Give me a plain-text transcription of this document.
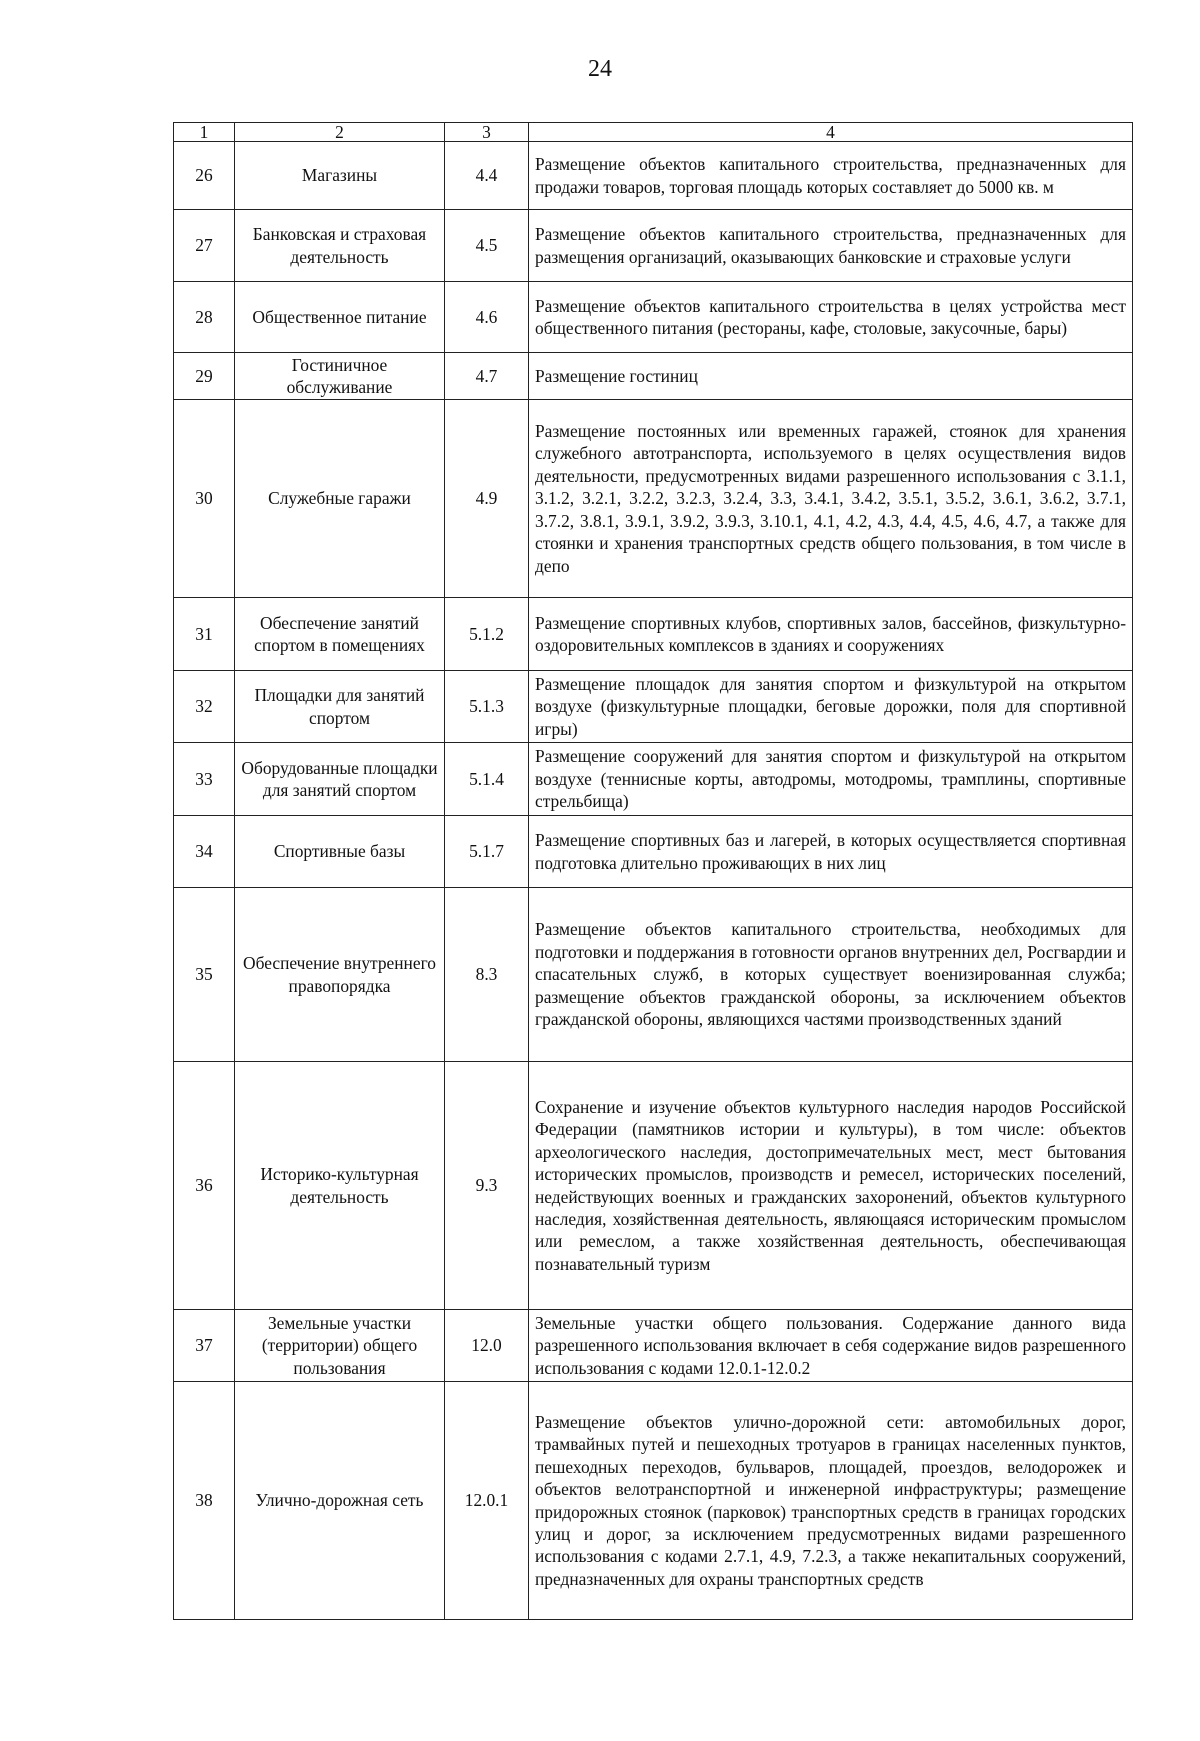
24
1	2	3	4
26	Магазины	4.4	Размещение объектов капитального строительства, предназначенных для продажи товаров, торговая площадь которых составляет до 5000 кв. м
27	Банковская и страховая деятельность	4.5	Размещение объектов капитального строительства, предназначенных для размещения организаций, оказывающих банковские и страховые услуги
28	Общественное питание	4.6	Размещение объектов капитального строительства в целях устройства мест общественного питания (рестораны, кафе, столовые, закусочные, бары)
29	Гостиничное обслуживание	4.7	Размещение гостиниц
30	Служебные гаражи	4.9	Размещение постоянных или временных гаражей, стоянок для хранения служебного автотранспорта, используемого в целях осуществления видов деятельности, предусмотренных видами разрешенного использования с 3.1.1, 3.1.2, 3.2.1, 3.2.2, 3.2.3, 3.2.4, 3.3, 3.4.1, 3.4.2, 3.5.1, 3.5.2, 3.6.1, 3.6.2, 3.7.1, 3.7.2, 3.8.1, 3.9.1, 3.9.2, 3.9.3, 3.10.1, 4.1, 4.2, 4.3, 4.4, 4.5, 4.6, 4.7, а также для стоянки и хранения транспортных средств общего пользования, в том числе в депо
31	Обеспечение занятий спортом в помещениях	5.1.2	Размещение спортивных клубов, спортивных залов, бассейнов, физкультурно-оздоровительных комплексов в зданиях и сооружениях
32	Площадки для занятий спортом	5.1.3	Размещение площадок для занятия спортом и физкультурой на открытом воздухе (физкультурные площадки, беговые дорожки, поля для спортивной игры)
33	Оборудованные площадки для занятий спортом	5.1.4	Размещение сооружений для занятия спортом и физкультурой на открытом воздухе (теннисные корты, автодромы, мотодромы, трамплины, спортивные стрельбища)
34	Спортивные базы	5.1.7	Размещение спортивных баз и лагерей, в которых осуществляется спортивная подготовка длительно проживающих в них лиц
35	Обеспечение внутреннего правопорядка	8.3	Размещение объектов капитального строительства, необходимых для подготовки и поддержания в готовности органов внутренних дел, Росгвардии и спасательных служб, в которых существует военизированная служба; размещение объектов гражданской обороны, за исключением объектов гражданской обороны, являющихся частями производственных зданий
36	Историко-культурная деятельность	9.3	Сохранение и изучение объектов культурного наследия народов Российской Федерации (памятников истории и культуры), в том числе: объектов археологического наследия, достопримечательных мест, мест бытования исторических промыслов, производств и ремесел, исторических поселений, недействующих военных и гражданских захоронений, объектов культурного наследия, хозяйственная деятельность, являющаяся историческим промыслом или ремеслом, а также хозяйственная деятельность, обеспечивающая познавательный туризм
37	Земельные участки (территории) общего пользования	12.0	Земельные участки общего пользования. Содержание данного вида разрешенного использования включает в себя содержание видов разрешенного использования с кодами 12.0.1-12.0.2
38	Улично-дорожная сеть	12.0.1	Размещение объектов улично-дорожной сети: автомобильных дорог, трамвайных путей и пешеходных тротуаров в границах населенных пунктов, пешеходных переходов, бульваров, площадей, проездов, велодорожек и объектов велотранспортной и инженерной инфраструктуры; размещение придорожных стоянок (парковок) транспортных средств в границах городских улиц и дорог, за исключением предусмотренных видами разрешенного использования с кодами 2.7.1, 4.9, 7.2.3, а также некапитальных сооружений, предназначенных для охраны транспортных средств
